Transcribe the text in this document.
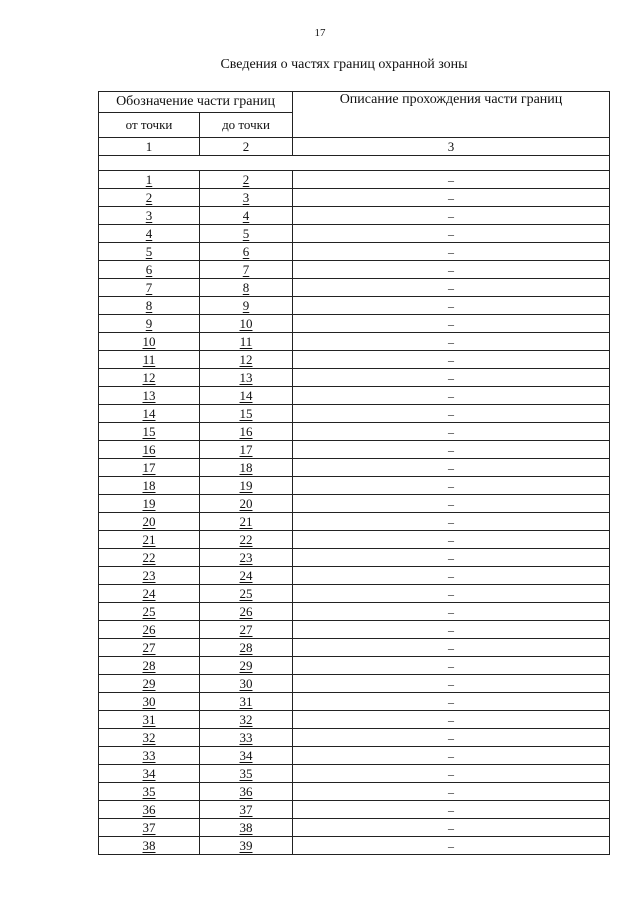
17
Сведения о частях границ охранной зоны
Обозначение части границ		Описание прохождения части границ
от точки	до точки	
1	2	3

1	2	–
2	3	–
3	4	–
4	5	–
5	6	–
6	7	–
7	8	–
8	9	–
9	10	–
10	11	–
11	12	–
12	13	–
13	14	–
14	15	–
15	16	–
16	17	–
17	18	–
18	19	–
19	20	–
20	21	–
21	22	–
22	23	–
23	24	–
24	25	–
25	26	–
26	27	–
27	28	–
28	29	–
29	30	–
30	31	–
31	32	–
32	33	–
33	34	–
34	35	–
35	36	–
36	37	–
37	38	–
38	39	–
